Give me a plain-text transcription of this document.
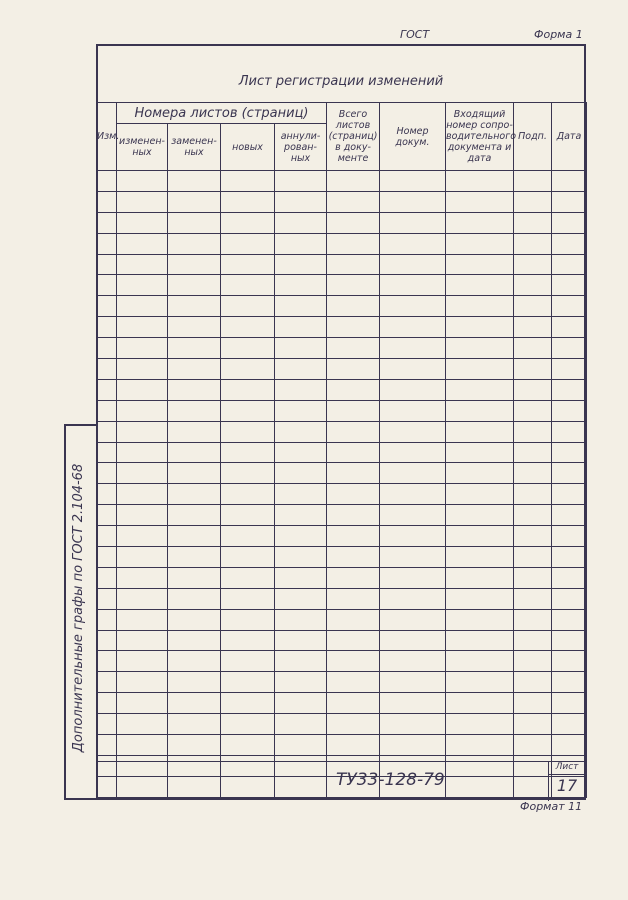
ГОСТ	Форма 1
Лист регистрации изменений
Изм.	Номера листов (страниц)				Всего листов (страниц) в доку-менте	Номер докум.	Входящий номер сопро-водительного документа и дата	Подп.	Дата
	изменен-ных	заменен-ных	новых	аннули-рован-ных					

Дополнительные графы по ГОСТ 2.104-68
ТУ33-128-79
Лист
17
Формат 11
